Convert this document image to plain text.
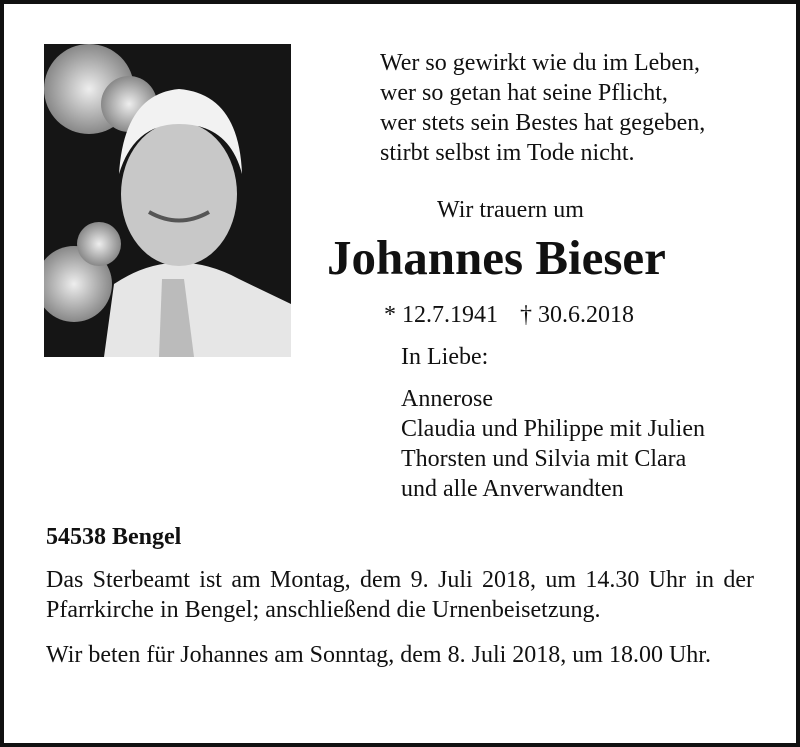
Wer so gewirkt wie du im Leben,
wer so getan hat seine Pflicht,
wer stets sein Bestes hat gegeben,
stirbt selbst im Tode nicht.
Wir trauern um
Johannes Bieser
* 12.7.1941 † 30.6.2018
In Liebe:
Annerose
Claudia und Philippe mit Julien
Thorsten und Silvia mit Clara
und alle Anverwandten
54538 Bengel
Das Sterbeamt ist am Montag, dem 9. Juli 2018, um 14.30 Uhr in der Pfarrkirche in Bengel; anschließend die Urnenbeisetzung.
Wir beten für Johannes am Sonntag, dem 8. Juli 2018, um 18.00 Uhr.
